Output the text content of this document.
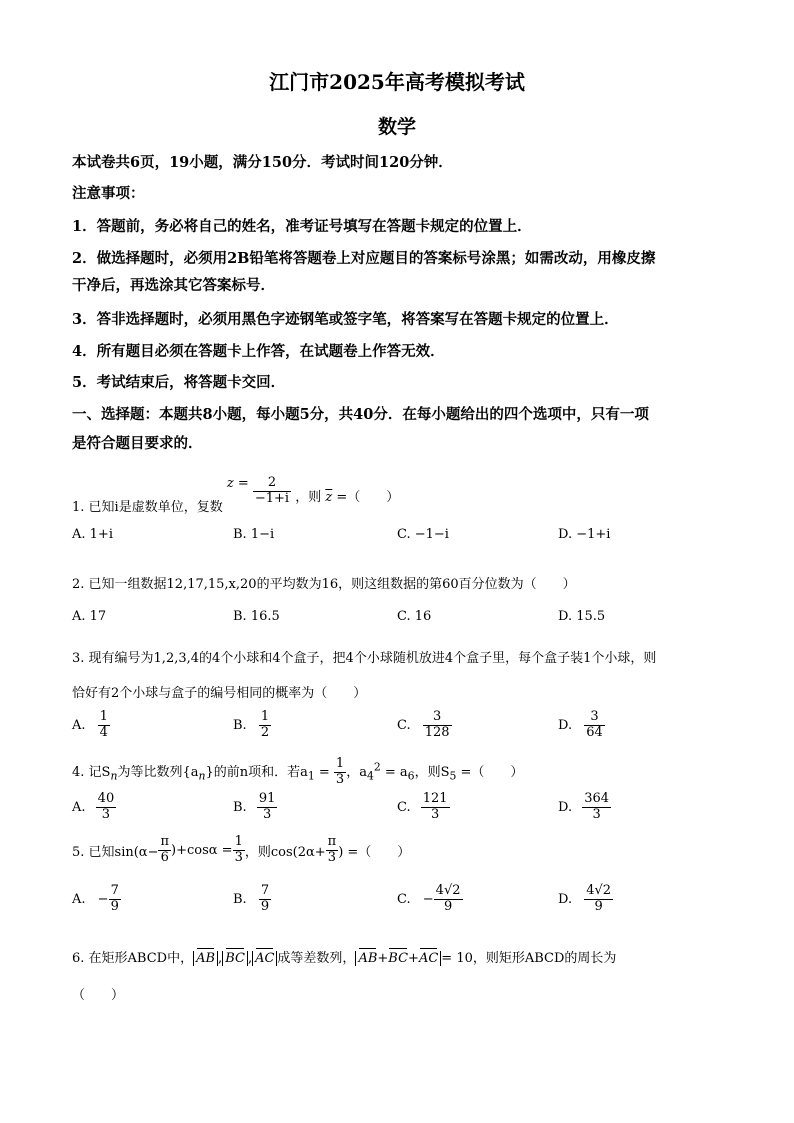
江门市2025年高考模拟考试
数学
本试卷共6页，19小题，满分150分．考试时间120分钟．
注意事项：
1．答题前，务必将自己的姓名，准考证号填写在答题卡规定的位置上．
2．做选择题时，必须用2B铅笔将答题卷上对应题目的答案标号涂黑；如需改动，用橡皮擦
干净后，再选涂其它答案标号．
3．答非选择题时，必须用黑色字迹钢笔或签字笔，将答案写在答题卡规定的位置上．
4．所有题目必须在答题卡上作答，在试题卷上作答无效．
5．考试结束后，将答题卡交回．
一、选择题：本题共8小题，每小题5分，共40分．在每小题给出的四个选项中，只有一项
是符合题目要求的．
1. 已知i是虚数单位，复数 $z = \frac{2}{-1+i}$ ，则 $\overline{z}$ =（　　）
A. 1+i	B. 1−i	C. −1−i	D. −1+i
2. 已知一组数据12,17,15,x,20的平均数为16，则这组数据的第60百分位数为（　　）
A. 17	B. 16.5	C. 16	D. 15.5
3. 现有编号为1,2,3,4的4个小球和4个盒子，把4个小球随机放进4个盒子里，每个盒子装1个小球，则
恰好有2个小球与盒子的编号相同的概率为（　　）
A. $\frac{1}{4}$	B. $\frac{1}{2}$	C. $\frac{3}{128}$	D. $\frac{3}{64}$
4. 记$S_n$为等比数列$\{a_n\}$的前n项和．若$a_1 = \frac{1}{3}$ ，$a_4^2 = a_6$，则$S_5$ =（　　）
A. $\frac{40}{3}$	B. $\frac{91}{3}$	C. $\frac{121}{3}$	D. $\frac{364}{3}$
5. 已知$\sin(\alpha- \frac{\pi}{6} )+\cos\alpha = \frac{1}{3}$ ，则$\cos(2\alpha+ \frac{\pi}{3}$ ) =（　　）
A. − $\frac{7}{9}$	B. $\frac{7}{9}$	C. − $\frac{4√2}{9}$	D. $\frac{4√2}{9}$
6. 在矩形ABCD中， AB , BC , AC 成等差数列， AB+BC+AC = 10，则矩形ABCD的周长为
（　　）
